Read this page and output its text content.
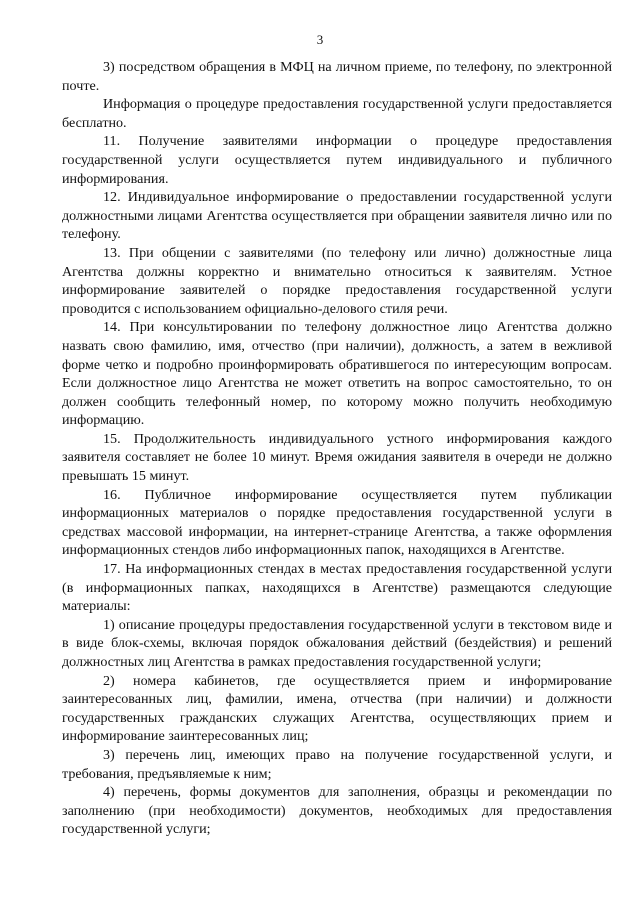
3

3) посредством обращения в МФЦ на личном приеме, по телефону, по электронной почте.

Информация о процедуре предоставления государственной услуги предоставляется бесплатно.

11. Получение заявителями информации о процедуре предоставления государственной услуги осуществляется путем индивидуального и публичного информирования.

12. Индивидуальное информирование о предоставлении государственной услуги должностными лицами Агентства осуществляется при обращении заявителя лично или по телефону.

13. При общении с заявителями (по телефону или лично) должностные лица Агентства должны корректно и внимательно относиться к заявителям. Устное информирование заявителей о порядке предоставления государственной услуги проводится с использованием официально-делового стиля речи.

14. При консультировании по телефону должностное лицо Агентства должно назвать свою фамилию, имя, отчество (при наличии), должность, а затем в вежливой форме четко и подробно проинформировать обратившегося по интересующим вопросам. Если должностное лицо Агентства не может ответить на вопрос самостоятельно, то он должен сообщить телефонный номер, по которому можно получить необходимую информацию.

15. Продолжительность индивидуального устного информирования каждого заявителя составляет не более 10 минут. Время ожидания заявителя в очереди не должно превышать 15 минут.

16. Публичное информирование осуществляется путем публикации информационных материалов о порядке предоставления государственной услуги в средствах массовой информации, на интернет-странице Агентства, а также оформления информационных стендов либо информационных папок, находящихся в Агентстве.

17. На информационных стендах в местах предоставления государственной услуги (в информационных папках, находящихся в Агентстве) размещаются следующие материалы:

1) описание процедуры предоставления государственной услуги в текстовом виде и в виде блок-схемы, включая порядок обжалования действий (бездействия) и решений должностных лиц Агентства в рамках предоставления государственной услуги;

2) номера кабинетов, где осуществляется прием и информирование заинтересованных лиц, фамилии, имена, отчества (при наличии) и должности государственных гражданских служащих Агентства, осуществляющих прием и информирование заинтересованных лиц;

3) перечень лиц, имеющих право на получение государственной услуги, и требования, предъявляемые к ним;

4) перечень, формы документов для заполнения, образцы и рекомендации по заполнению (при необходимости) документов, необходимых для предоставления государственной услуги;
